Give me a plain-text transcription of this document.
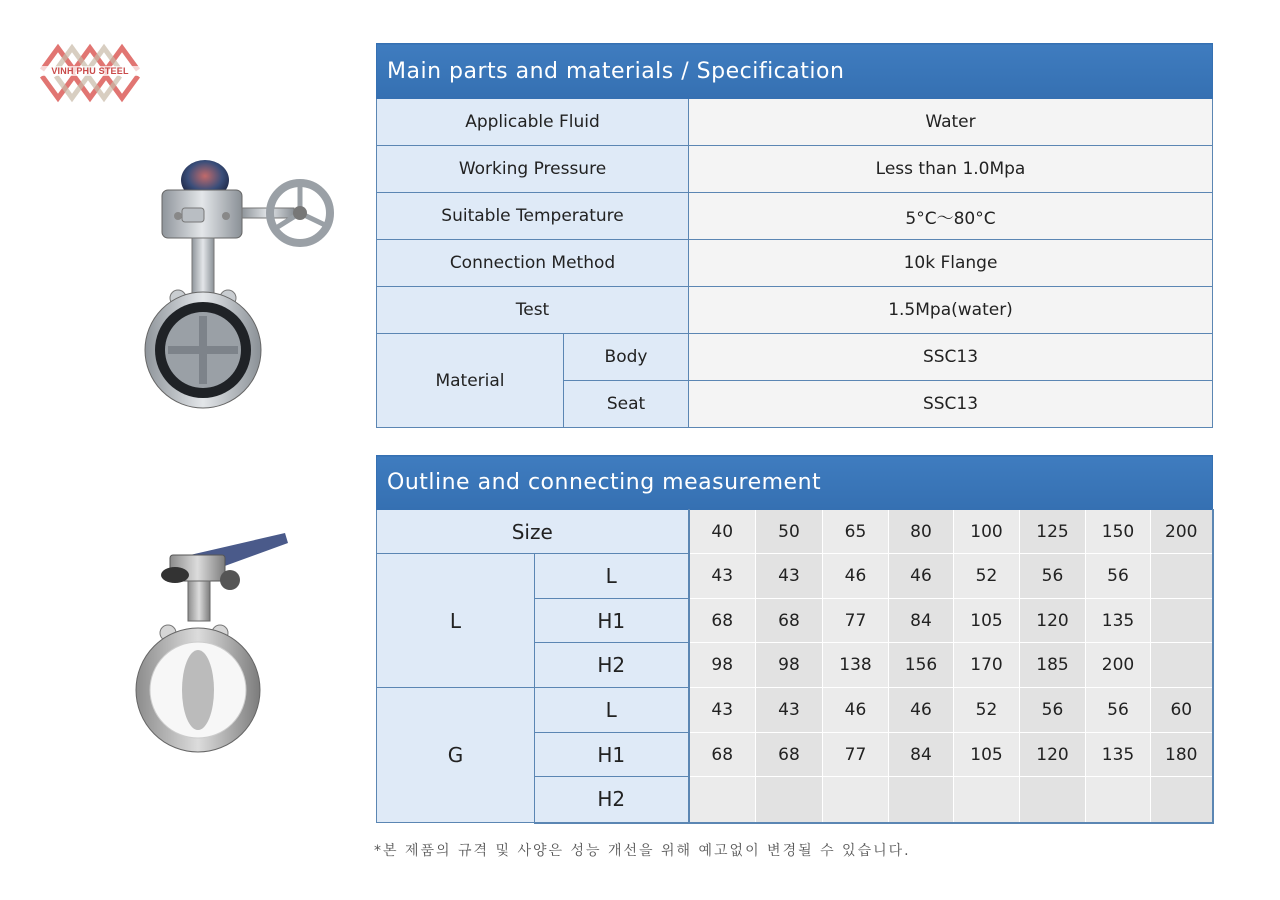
VINH PHU STEEL	Main parts and materials / Specification		
Applicable Fluid		Water
Working Pressure		Less than 1.0Mpa
Suitable Temperature		5°C～80°C
Connection Method		10k Flange
Test		1.5Mpa(water)
Material	Body	SSC13
	Seat	SSC13
Outline and connecting measurement									
Size		40	50	65	80	100	125	150	200
L	L	43	43	46	46	52	56	56	
	H1	68	68	77	84	105	120	135	
	H2	98	98	138	156	170	185	200	
G	L	43	43	46	46	52	56	56	60
	H1	68	68	77	84	105	120	135	180
	H2								
*본 제품의 규격 및 사양은 성능 개선을 위해 예고없이 변경될 수 있습니다.
